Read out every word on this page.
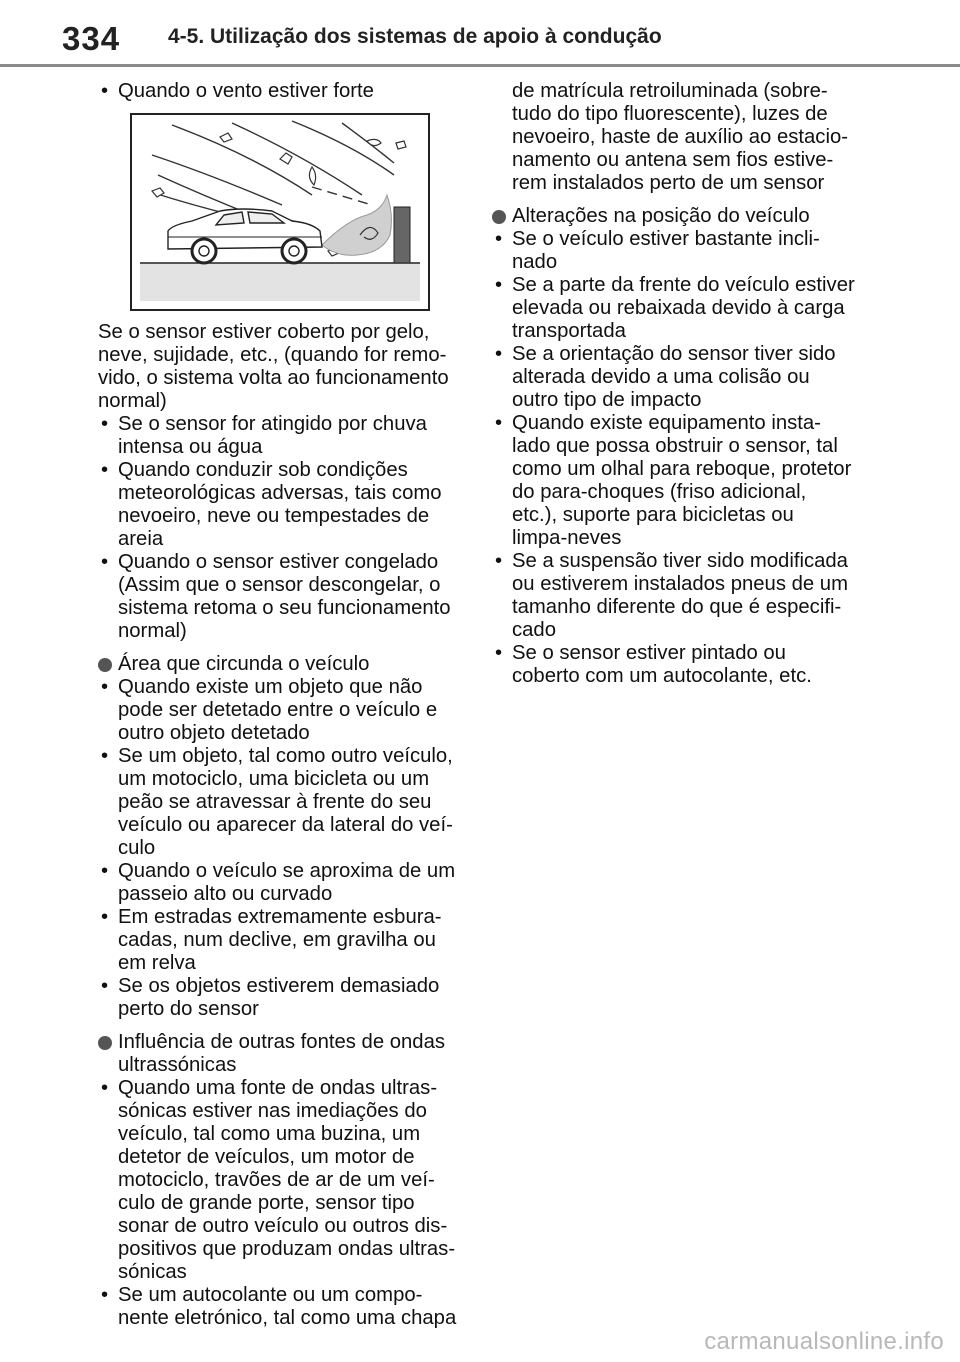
334 4-5. Utilização dos sistemas de apoio à condução
• Quando o vento estiver forte
Se o sensor estiver coberto por gelo,
neve, sujidade, etc., (quando for remo-
vido, o sistema volta ao funcionamento
normal)
• Se o sensor for atingido por chuva
intensa ou água
• Quando conduzir sob condições
meteorológicas adversas, tais como
nevoeiro, neve ou tempestades de
areia
• Quando o sensor estiver congelado
(Assim que o sensor descongelar, o
sistema retoma o seu funcionamento
normal)
Área que circunda o veículo
• Quando existe um objeto que não
pode ser detetado entre o veículo e
outro objeto detetado
• Se um objeto, tal como outro veículo,
um motociclo, uma bicicleta ou um
peão se atravessar à frente do seu
veículo ou aparecer da lateral do veí-
culo
• Quando o veículo se aproxima de um
passeio alto ou curvado
• Em estradas extremamente esbura-
cadas, num declive, em gravilha ou
em relva
• Se os objetos estiverem demasiado
perto do sensor
Influência de outras fontes de ondas
ultrassónicas
• Quando uma fonte de ondas ultras-
sónicas estiver nas imediações do
veículo, tal como uma buzina, um
detetor de veículos, um motor de
motociclo, travões de ar de um veí-
culo de grande porte, sensor tipo
sonar de outro veículo ou outros dis-
positivos que produzam ondas ultras-
sónicas
• Se um autocolante ou um compo-
nente eletrónico, tal como uma chapa
de matrícula retroiluminada (sobre-
tudo do tipo fluorescente), luzes de
nevoeiro, haste de auxílio ao estacio-
namento ou antena sem fios estive-
rem instalados perto de um sensor
Alterações na posição do veículo
• Se o veículo estiver bastante incli-
nado
• Se a parte da frente do veículo estiver
elevada ou rebaixada devido à carga
transportada
• Se a orientação do sensor tiver sido
alterada devido a uma colisão ou
outro tipo de impacto
• Quando existe equipamento insta-
lado que possa obstruir o sensor, tal
como um olhal para reboque, protetor
do para-choques (friso adicional,
etc.), suporte para bicicletas ou
limpa-neves
• Se a suspensão tiver sido modificada
ou estiverem instalados pneus de um
tamanho diferente do que é especifi-
cado
• Se o sensor estiver pintado ou
coberto com um autocolante, etc.
carmanualsonline.info
